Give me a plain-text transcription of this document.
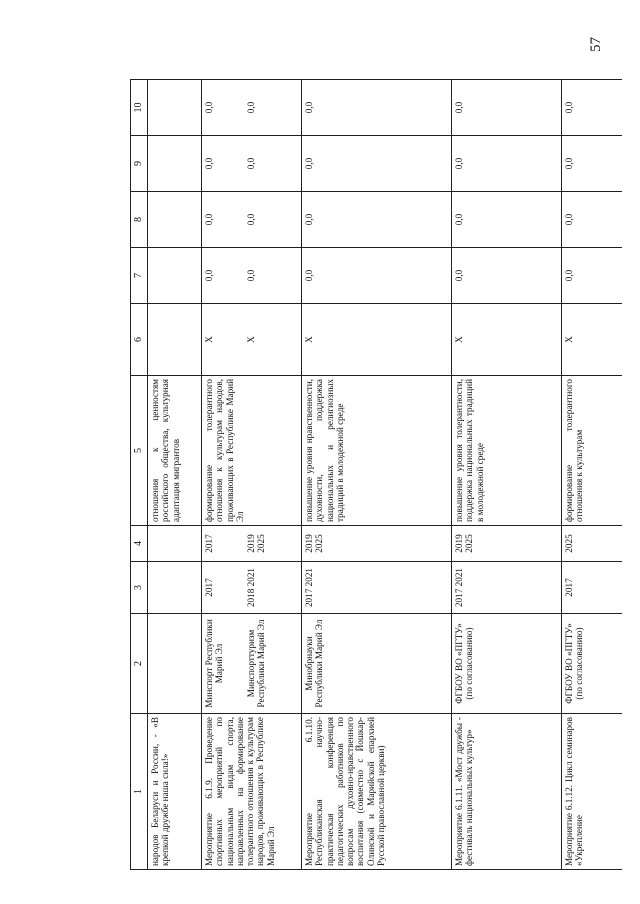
57
1	2	3	4	5	6	7	8	9	10
народов Беларуси и России, - «В крепкой дружбе наша сила!»				отношения к ценностям российского общества, культурная адаптация мигрантов					
Мероприятие 6.1.9. Проведение спортивных мероприятий по национальным видам спорта, направленных на формирование толерантного отношения к культурам народов, проживающих в Республике Марий Эл	Минспорт Республики Марий Эл	2017	2017	формирование толерантного отношения к культурам народов, проживающих в Республике Марий Эл	X	0,0	0,0	0,0	0,0
	Минспорттуризм Республики Марий Эл	2018 2021	2019 2025		X	0,0	0,0	0,0	0,0
Мероприятие 6.1.10. Республиканская научно-практическая конференция педагогических работников по вопросам духовно-нравственного воспитания (совместно с Йошкар-Олинской и Марийской епархией Русской православной церкви)	Минобрнауки Республики Марий Эл	2017 2021	2019 2025	повышение уровня нравственности, духовности, поддержка национальных и религиозных традиций в молодежной среде	X	0,0	0,0	0,0	0,0
Мероприятие 6.1.11. «Мост дружбы - фестиваль национальных культур»	ФГБОУ ВО «ПГТУ» (по согласованию)	2017 2021	2019 2025	повышение уровня толерантности, поддержка национальных традиций в молодежной среде	X	0,0	0,0	0,0	0,0
Мероприятие 6.1.12. Цикл семинаров «Укрепление	ФГБОУ ВО «ПГТУ» (по согласованию)	2017	2025	формирование толерантного отношения к культурам	X	0,0	0,0	0,0	0,0
